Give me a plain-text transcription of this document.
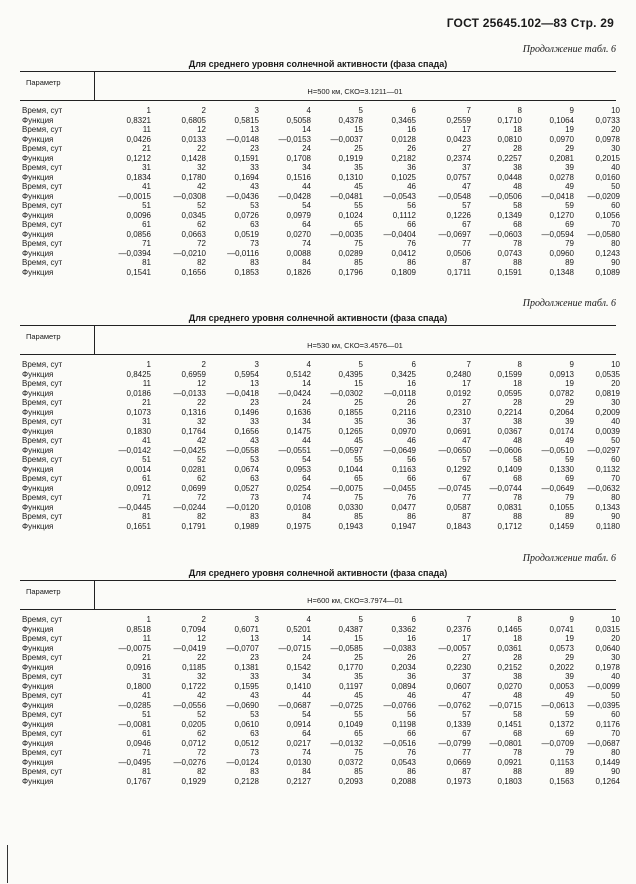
ГОСТ 25645.102—83 Стр. 29
Продолжение табл. 6
Для среднего уровня солнечной активности (фаза спада)
Параметр
H=500 км, СКО=3.1211—01
Время, сут	1	2	3	4	5	6	7	8	9	10
Функция	0,8321	0,6805	0,5815	0,5058	0,4378	0,3465	0,2559	0,1710	0,1064	0,0733
Время, сут	11	12	13	14	15	16	17	18	19	20
Функция	0,0426	0,0133	—0,0148 —0,0153 —0,0037	0,0128	0,0423	0,0810	0,0970	0,0978
Время, сут	21	22	23	24	25	26	27	28	29	30
Функция	0,1212	0,1428	0,1591	0,1708	0,1919	0,2182	0,2374	0,2257	0,2081	0,2015
Время, сут	31	32	33	34	35	36	37	38	39	40
Функция	0,1834	0,1780	0,1694	0,1516	0,1310	0,1025	0,0757	0,0448	0,0278	0,0160
Время, сут	41	42	43	44	45	46	47	48	49	50
Функция	—0,0015	—0,0308	—0,0436 —0,0428 —0,0481	—0,0543	—0,0548 —0,0506 —0,0418 —0,0209
Время, сут	51	52	53	54	55	56	57	58	59	60
Функция	0,0096	0,0345	0,0726	0,0979	0,1024	0,1112	0,1226	0,1349	0,1270	0,1056
Время, сут	61	62	63	64	65	66	67	68	69	70
Функция	0,0856	0,0663	0,0519	0,0270 —0,0035	—0,0404	—0,0697 —0,0603 —0,0594 —0,0580
Время, сут	71	72	73	74	75	76	77	78	79	80
Функция	—0,0394	—0,0210	—0,0116	0,0088	0,0289	0,0412	0,0506	0,0743	0,0960	0,1243
Время, сут	81	82	83	84	85	86	87	88	89	90
Функция	0,1541	0,1656	0,1853	0,1826	0,1796	0,1809	0,1711	0,1591	0,1348	0,1089
Продолжение табл. 6
Для среднего уровня солнечной активности (фаза спада)
Параметр
H=530 км, СКО=3.4576—01
Время, сут	1	2	3	4	5	6	7	8	9	10
Функция	0,8425	0,6959	0,5954	0,5142	0,4395	0,3425	0,2480	0,1599	0,0913	0,0535
Время, сут	11	12	13	14	15	16	17	18	19	20
Функция	0,0186	—0,0133	—0,0418 —0,0424 —0,0302	—0,0118	0,0192	0,0595	0,0782	0,0819
Время, сут	21	22	23	24	25	26	27	28	29	30
Функция	0,1073	0,1316	0,1496	0,1636	0,1855	0,2116	0,2310	0,2214	0,2064	0,2009
Время, сут	31	32	33	34	35	36	37	38	39	40
Функция	0,1830	0,1764	0,1656	0,1475	0,1265	0,0970	0,0691	0,0367	0,0174	0,0039
Время, сут	41	42	43	44	45	46	47	48	49	50
Функция	—0,0142	—0,0425	—0,0558 —0,0551 —0,0597	—0,0649	—0,0650 —0,0606 —0,0510 —0,0297
Время, сут	51	52	53	54	55	56	57	58	59	60
Функция	0,0014	0,0281	0,0674	0,0953	0,1044	0,1163	0,1292	0,1409	0,1330	0,1132
Время, сут	61	62	63	64	65	66	67	68	69	70
Функция	0,0912	0,0699	0,0527	0,0254 —0,0075	—0,0455	—0,0745 —0,0744 —0,0649 —0,0632
Время, сут	71	72	73	74	75	76	77	78	79	80
Функция	—0,0445	—0,0244	—0,0120	0,0108	0,0330	0,0477	0,0587	0,0831	0,1055	0,1343
Время, сут	81	82	83	84	85	86	87	88	89	90
Функция	0,1651	0,1791	0,1989	0,1975	0,1943	0,1947	0,1843	0,1712	0,1459	0,1180
Продолжение табл. 6
Для среднего уровня солнечной активности (фаза спада)
Параметр
H=600 км, СКО=3.7974—01
Время, сут	1	2	3	4	5	6	7	8	9	10
Функция	0,8518	0,7094	0,6071	0,5201	0,4387	0,3362	0,2376	0,1465	0,0741	0,0315
Время, сут	11	12	13	14	15	16	17	18	19	20
Функция	—0,0075	—0,0419	—0,0707 —0,0715 —0,0585	—0,0383	—0,0057	0,0361	0,0573	0,0640
Время, сут	21	22	23	24	25	26	27	28	29	30
Функция	0,0916	0,1185	0,1381	0,1542	0,1770	0,2034	0,2230	0,2152	0,2022	0,1978
Время, сут	31	32	33	34	35	36	37	38	39	40
Функция	0,1800	0,1722	0,1595	0,1410	0,1197	0,0894	0,0607	0,0270	0,0053 —0,0099
Время, сут	41	42	43	44	45	46	47	48	49	50
Функция	—0,0285	—0,0556	—0,0690 —0,0687 —0,0725	—0,0766	—0,0762 —0,0715 —0,0613 —0,0395
Время, сут	51	52	53	54	55	56	57	58	59	60
Функция	—0,0081	0,0205	0,0610	0,0914	0,1049	0,1198	0,1339	0,1451	0,1372	0,1176
Время, сут	61	62	63	64	65	66	67	68	69	70
Функция	0,0946	0,0712	0,0512	0,0217 —0,0132	—0,0516	—0,0799 —0,0801 —0,0709 —0,0687
Время, сут	71	72	73	74	75	76	77	78	79	80
Функция	—0,0495	—0,0276	—0,0124	0,0130	0,0372	0,0543	0,0669	0,0921	0,1153	0,1449
Время, сут	81	82	83	84	85	86	87	88	89	90
Функция	0,1767	0,1929	0,2128	0,2127	0,2093	0,2088	0,1973	0,1803	0,1563	0,1264
